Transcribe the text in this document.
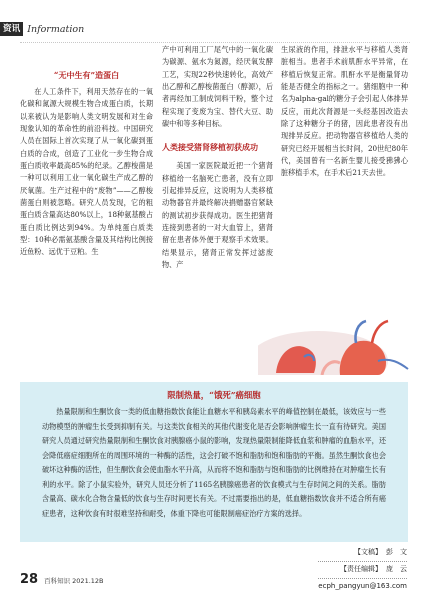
资讯 Information
“无中生有”造蛋白

在人工条件下，利用天然存在的一氧化碳和氮源大规模生物合成蛋白质，长期以来被认为是影响人类文明发展和对生命现象认知的革命性的前沿科技。中国研究人员在国际上首次实现了从一氧化碳到蛋白质的合成，创造了工业化一步生物合成蛋白质收率最高85%的纪录。乙醇梭菌是一种可以利用工业一氧化碳生产成乙醇的厌氧菌。生产过程中的“废物”——乙醇梭菌蛋白则被忽略。研究人员发现，它的粗蛋白质含量高达80%以上，18种氨基酸占蛋白质比例达到94%。为单纯蛋白质类型：10种必需氨基酸含量及其结构比例接近鱼粉、远优于豆粕。生

产中可利用工厂尾气中的一氧化碳为碳源、氨水为氮源，经厌氧发酵工艺，实现22秒快速转化，高效产出乙醇和乙醇梭菌蛋白（醇源），后者再经加工制成饲料干粉，整个过程实现了变废为宝、替代大豆、助碳中和等多种目标。

人类接受猪肾移植初获成功

美国一家医院最近把一个猪肾移植给一名脑死亡患者，没有立即引起排异反应，这说明为人类移植动物器官并最终解决捐赠器官紧缺的测试初步获得成功。医生把猪肾连接到患者的一对大血管上，猪肾留在患者体外便于观察手术效果。结果显示，猪肾正常发挥过滤废物、产

生尿液的作用，排泄水平与移植人类肾脏相当。患者手术前肌酐水平异常，在移植后恢复正常。肌酐水平是衡量肾功能是否健全的指标之一。猪细胞中一种名为alpha-gal的糖分子会引起人体排异反应，而此次肾源是一头经基因改造去除了这种糖分子的猪，因此患者没有出现排异反应。把动物器官移植给人类的研究已经开展相当长时间，20世纪80年代，美国曾有一名新生婴儿接受狒狒心脏移植手术，在手术后21天去世。

限制热量，“饿死”癌细胞

热量限制和生酮饮食一类的低血糖指数饮食能让血糖水平和胰岛素水平的峰值控制在最低，该效应与一些动物模型的肿瘤生长受到抑制有关。与这类饮食相关的其他代谢变化是否会影响肿瘤生长一直有待研究。美国研究人员通过研究热量限制和生酮饮食对胰腺癌小鼠的影响，发现热量限制能降低血浆和肿瘤的血脂水平，还会降低癌症细胞所在的周围环境的一种酶的活性，这会打破不饱和脂肪和饱和脂肪的平衡。虽然生酮饮食也会破坏这种酶的活性，但生酮饮食会使血脂水平升高，从而将不饱和脂肪与饱和脂肪的比例维持在对肿瘤生长有利的水平。除了小鼠实验外，研究人员还分析了1165名胰腺癌患者的饮食模式与生存时间之间的关系。脂肪含量高、碳水化合物含量低的饮食与生存时间更长有关。不过需要指出的是，低血糖指数饮食并不适合所有癌症患者，这种饮食有时很难坚持和耐受，体重下降也可能限制癌症治疗方案的选择。

【文稿】 彭　文
【责任编辑】 庞　云
ecph_pangyun@163.com
28 百科知识 2021.12B
